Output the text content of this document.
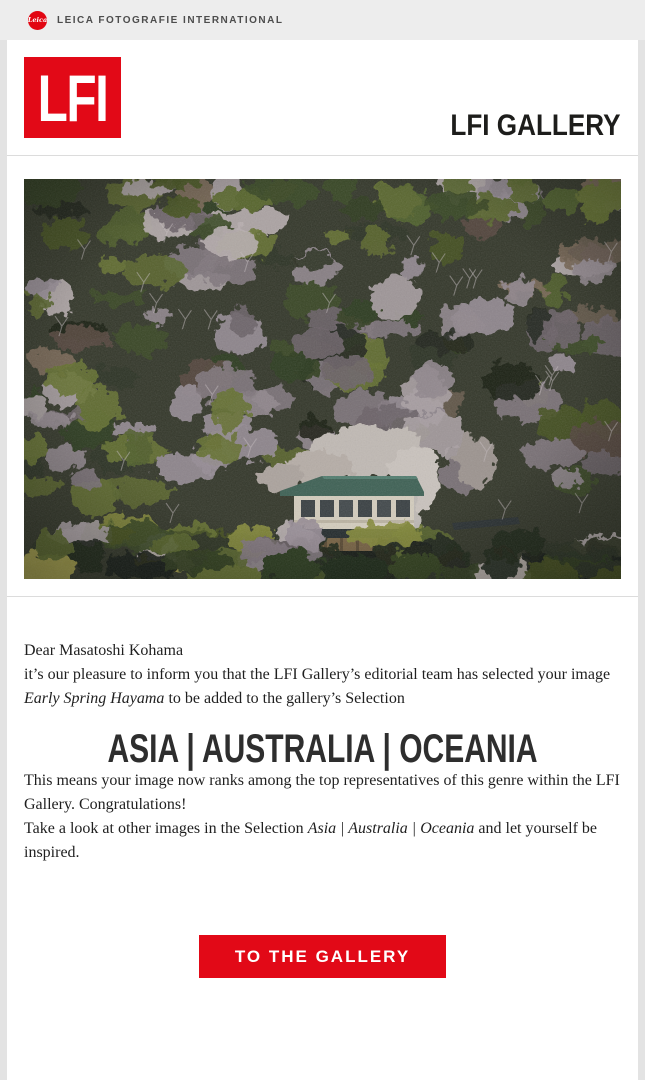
Leica LEICA FOTOGRAFIE INTERNATIONAL
LFI	LFI GALLERY

Dear Masatoshi Kohama

it’s our pleasure to inform you that the LFI Gallery’s editorial team has selected your image Early Spring Hayama to be added to the gallery’s Selection

ASIA | AUSTRALIA | OCEANIA

This means your image now ranks among the top representatives of this genre within the LFI Gallery. Congratulations!

Take a look at other images in the Selection Asia | Australia | Oceania and let yourself be inspired.

TO THE GALLERY
